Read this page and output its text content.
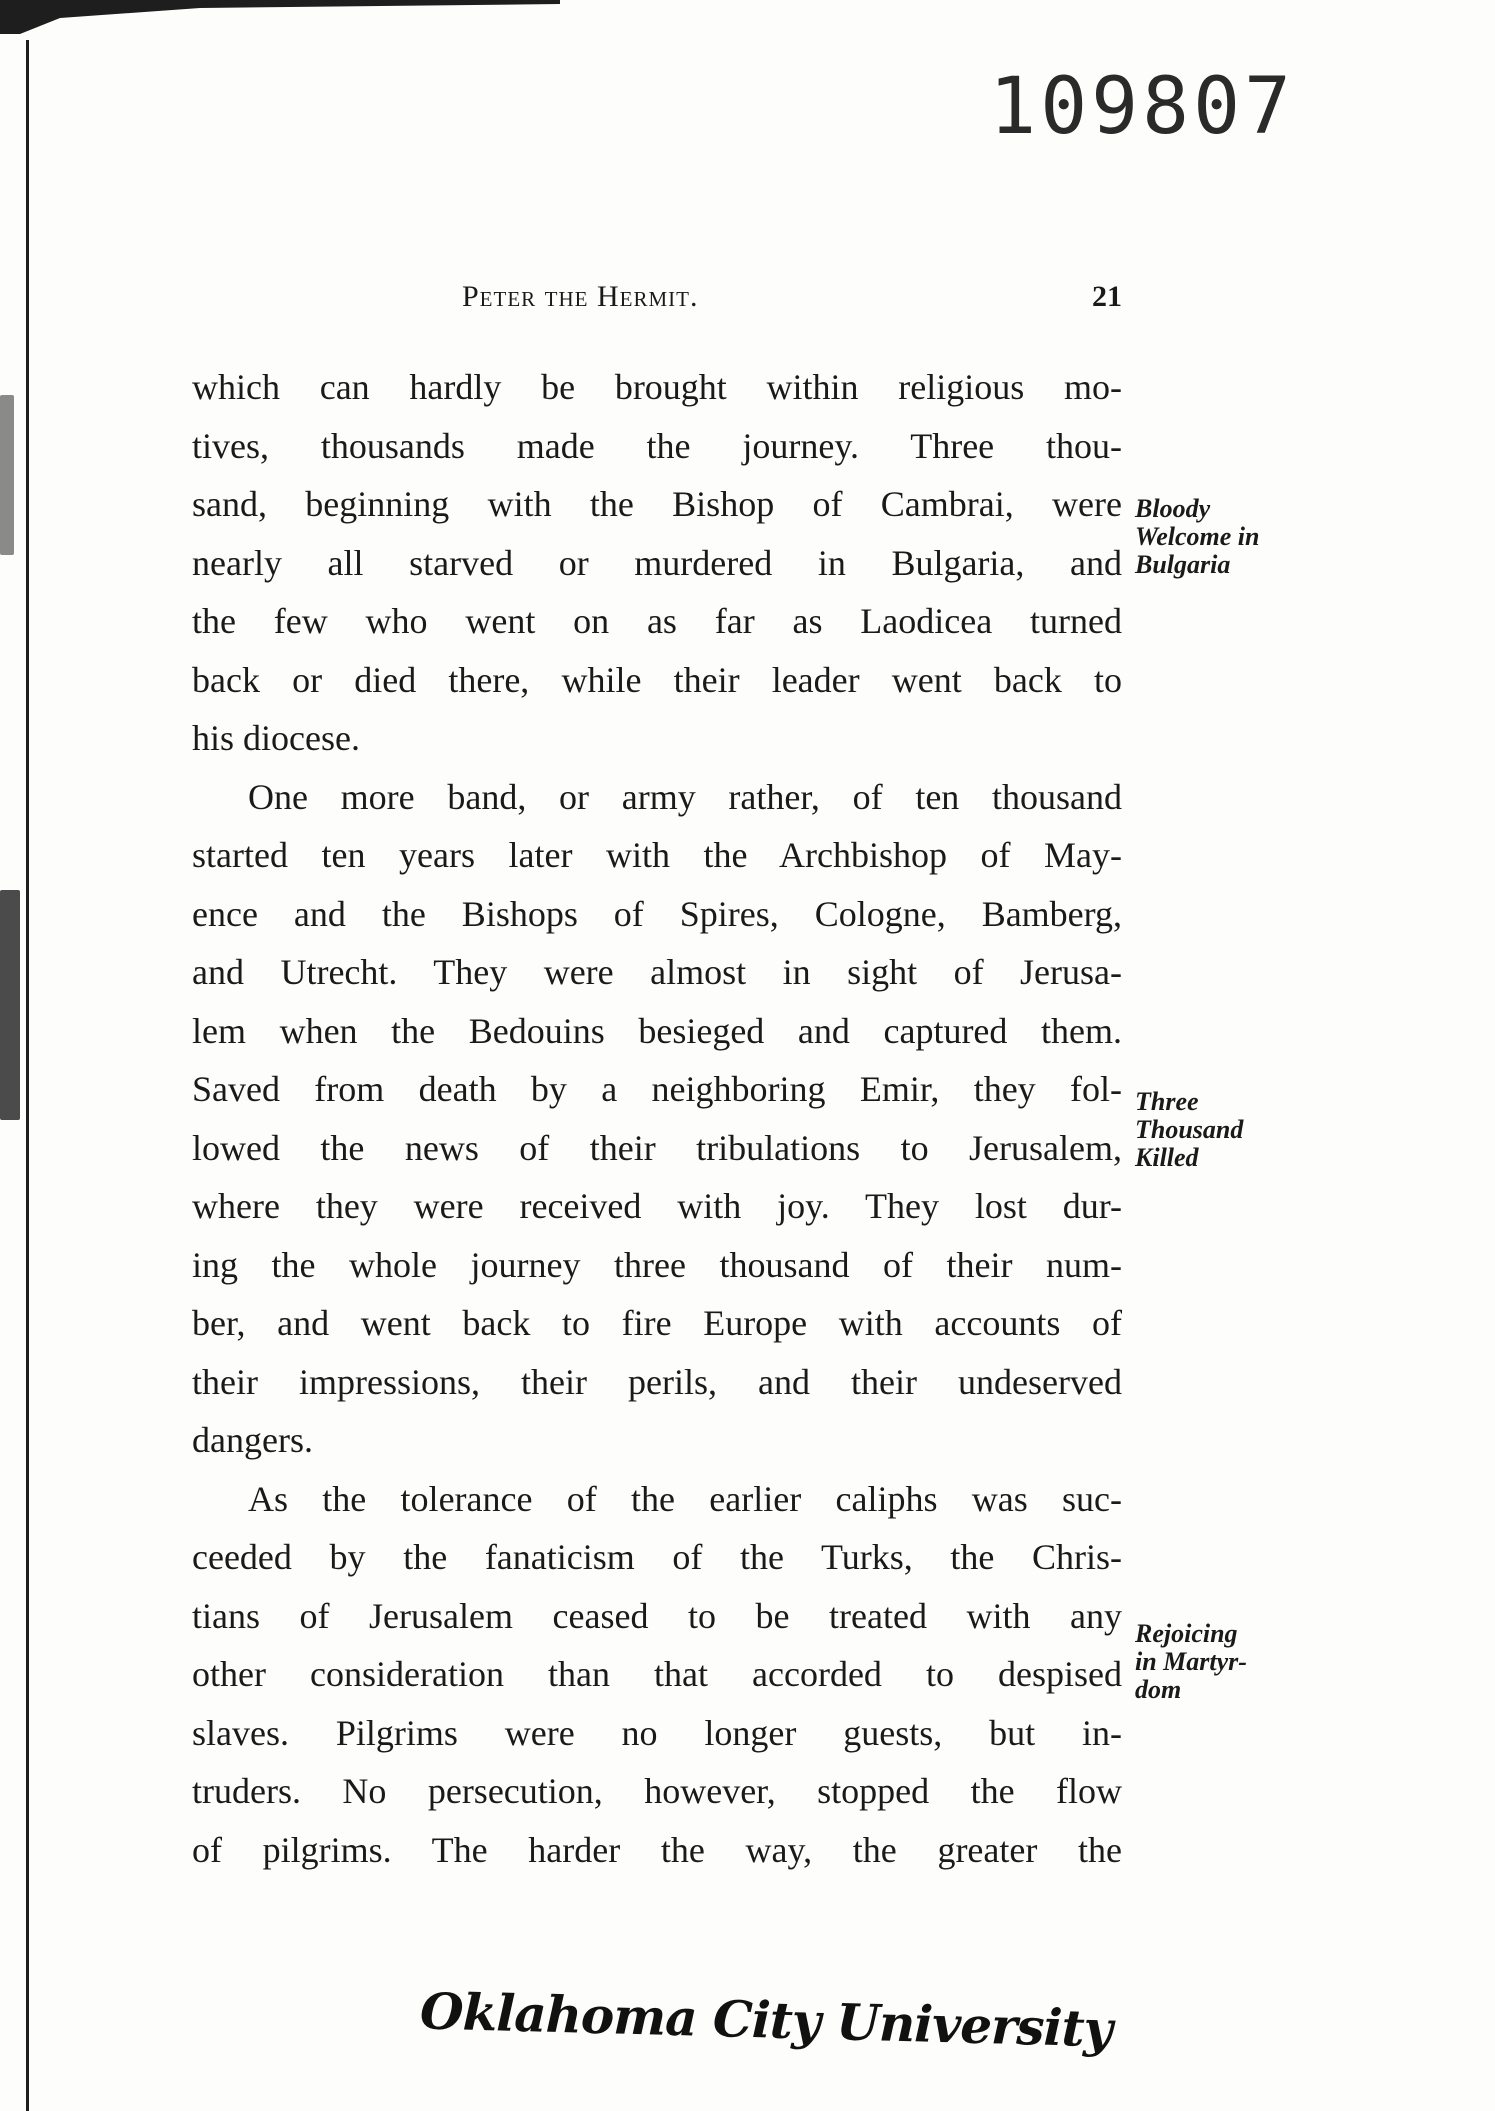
109807
Peter the Hermit.	21
which can hardly be brought within religious mo-
tives, thousands made the journey. Three thou-
sand, beginning with the Bishop of Cambrai, were
nearly all starved or murdered in Bulgaria, and
the few who went on as far as Laodicea turned
back or died there, while their leader went back to
his diocese.
One more band, or army rather, of ten thousand
started ten years later with the Archbishop of May-
ence and the Bishops of Spires, Cologne, Bamberg,
and Utrecht. They were almost in sight of Jerusa-
lem when the Bedouins besieged and captured them.
Saved from death by a neighboring Emir, they fol-
lowed the news of their tribulations to Jerusalem,
where they were received with joy. They lost dur-
ing the whole journey three thousand of their num-
ber, and went back to fire Europe with accounts of
their impressions, their perils, and their undeserved
dangers.
As the tolerance of the earlier caliphs was suc-
ceeded by the fanaticism of the Turks, the Chris-
tians of Jerusalem ceased to be treated with any
other consideration than that accorded to despised
slaves. Pilgrims were no longer guests, but in-
truders. No persecution, however, stopped the flow
of pilgrims. The harder the way, the greater the
Bloody
Welcome in
Bulgaria
Three
Thousand
Killed
Rejoicing
in Martyr-
dom
Oklahoma City University
